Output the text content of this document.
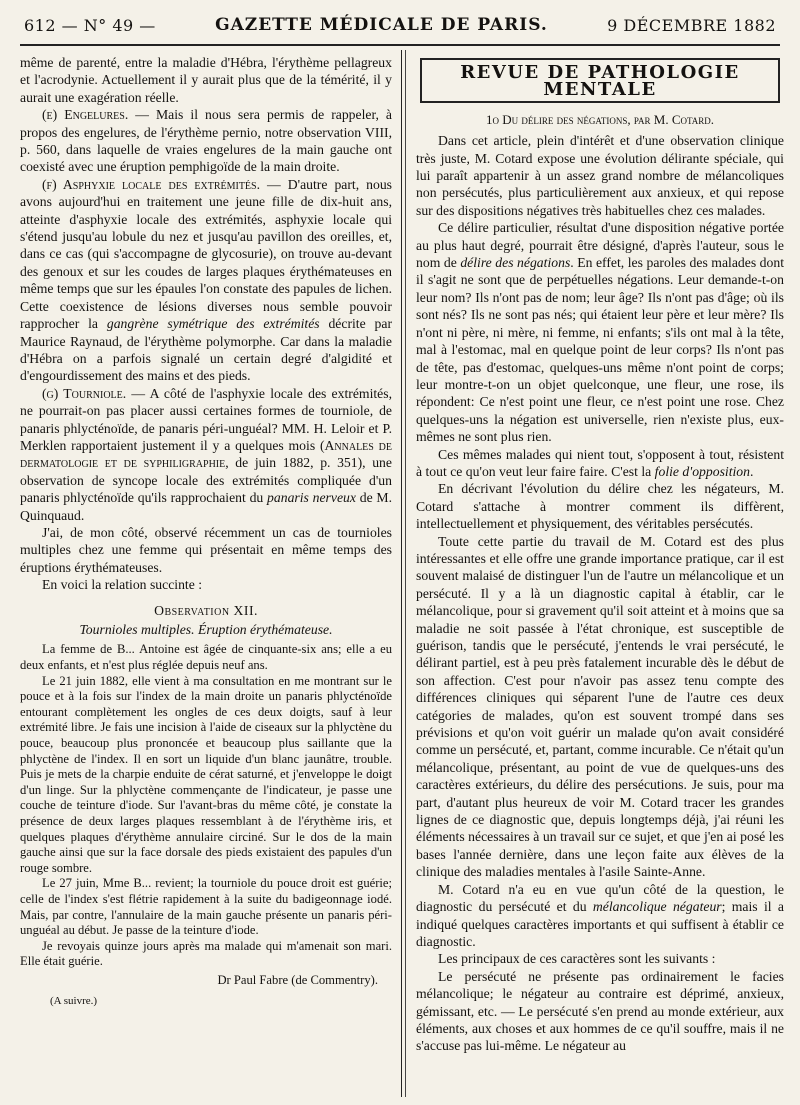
612 — N° 49 —	GAZETTE MÉDICALE DE PARIS.	9 DÉCEMBRE 1882

même de parenté, entre la maladie d'Hébra, l'érythème pellagreux et l'acrodynie. Actuellement il y aurait plus que de la témérité, il y aurait une exagération réelle.

(e) Engelures. — Mais il nous sera permis de rappeler, à propos des engelures, de l'érythème pernio, notre observation VIII, p. 560, dans laquelle de vraies engelures de la main gauche ont coexisté avec une éruption pemphigoïde de la main droite.

(f) Asphyxie locale des extrémités. — D'autre part, nous avons aujourd'hui en traitement une jeune fille de dix-huit ans, atteinte d'asphyxie locale des extrémités, asphyxie locale qui s'étend jusqu'au lobule du nez et jusqu'au pavillon des oreilles, et, dans ce cas (qui s'accompagne de glycosurie), on trouve au-devant des genoux et sur les coudes de larges plaques érythémateuses en même temps que sur les épaules l'on constate des papules de lichen. Cette coexistence de lésions diverses nous semble pouvoir rapprocher la gangrène symétrique des extrémités décrite par Maurice Raynaud, de l'érythème polymorphe. Car dans la maladie d'Hébra on a parfois signalé un certain degré d'algidité et d'engourdissement des mains et des pieds.

(g) Tourniole. — A côté de l'asphyxie locale des extrémités, ne pourrait-on pas placer aussi certaines formes de tourniole, de panaris phlycténoïde, de panaris péri-unguéal? MM. H. Leloir et P. Merklen rapportaient justement il y a quelques mois (Annales de dermatologie et de syphiligraphie, de juin 1882, p. 351), une observation de syncope locale des extrémités compliquée d'un panaris phlycténoïde qu'ils rapprochaient du panaris nerveux de M. Quinquaud.

J'ai, de mon côté, observé récemment un cas de tournioles multiples chez une femme qui présentait en même temps des éruptions érythémateuses.

En voici la relation succinte :

Observation XII.

Tournioles multiples. Éruption érythémateuse.

La femme de B... Antoine est âgée de cinquante-six ans; elle a eu deux enfants, et n'est plus réglée depuis neuf ans.

Le 21 juin 1882, elle vient à ma consultation en me montrant sur le pouce et à la fois sur l'index de la main droite un panaris phlycténoïde entourant complètement les ongles de ces deux doigts, sauf à leur extrémité libre. Je fais une incision à l'aide de ciseaux sur la phlyctène du pouce, beaucoup plus prononcée et beaucoup plus saillante que la phlyctène de l'index. Il en sort un liquide d'un blanc jaunâtre, trouble. Puis je mets de la charpie enduite de cérat saturné, et j'enveloppe le doigt d'un linge. Sur la phlyctène commençante de l'indicateur, je passe une couche de teinture d'iode. Sur l'avant-bras du même côté, je constate la présence de deux larges plaques ressemblant à de l'érythème iris, et quelques plaques d'érythème annulaire circiné. Sur le dos de la main gauche ainsi que sur la face dorsale des pieds existaient des papules d'un rouge sombre.

Le 27 juin, Mme B... revient; la tourniole du pouce droit est guérie; celle de l'index s'est flétrie rapidement à la suite du badigeonnage iodé. Mais, par contre, l'annulaire de la main gauche présente un panaris péri-unguéal au début. Je passe de la teinture d'iode.

Je revoyais quinze jours après ma malade qui m'amenait son mari. Elle était guérie.

Dr Paul Fabre (de Commentry).

(A suivre.)

REVUE DE PATHOLOGIE MENTALE

1o Du délire des négations, par M. Cotard.

Dans cet article, plein d'intérêt et d'une observation clinique très juste, M. Cotard expose une évolution délirante spéciale, qui lui paraît appartenir à un assez grand nombre de mélancoliques non persécutés, plus particulièrement aux anxieux, et qui repose sur des dispositions négatives très habituelles chez ces malades.

Ce délire particulier, résultat d'une disposition négative portée au plus haut degré, pourrait être désigné, d'après l'auteur, sous le nom de délire des négations. En effet, les paroles des malades dont il s'agit ne sont que de perpétuelles négations. Leur demande-t-on leur nom? Ils n'ont pas de nom; leur âge? Ils n'ont pas d'âge; où ils sont nés? Ils ne sont pas nés; qui étaient leur père et leur mère? Ils n'ont ni père, ni mère, ni femme, ni enfants; s'ils ont mal à la tête, mal à l'estomac, mal en quelque point de leur corps? Ils n'ont pas de tête, pas d'estomac, quelques-uns même n'ont point de corps; leur montre-t-on un objet quelconque, une fleur, une rose, ils répondent: Ce n'est point une fleur, ce n'est point une rose. Chez quelques-uns la négation est universelle, rien n'existe plus, eux-mêmes ne sont plus rien.

Ces mêmes malades qui nient tout, s'opposent à tout, résistent à tout ce qu'on veut leur faire faire. C'est la folie d'opposition.

En décrivant l'évolution du délire chez les négateurs, M. Cotard s'attache à montrer comment ils diffèrent, intellectuellement et physiquement, des véritables persécutés.

Toute cette partie du travail de M. Cotard est des plus intéressantes et elle offre une grande importance pratique, car il est souvent malaisé de distinguer l'un de l'autre un mélancolique et un persécuté. Il y a là un diagnostic capital à établir, car le mélancolique, pour si gravement qu'il soit atteint et à moins que sa maladie ne soit passée à l'état chronique, est susceptible de guérison, tandis que le persécuté, j'entends le vrai persécuté, le délirant partiel, est à peu près fatalement incurable dès le début de son affection. C'est pour n'avoir pas assez tenu compte des différences cliniques qui séparent l'une de l'autre ces deux catégories de malades, qu'on est souvent trompé dans ses prévisions et qu'on voit guérir un malade qu'on avait considéré comme un persécuté, et, partant, comme incurable. Ce n'était qu'un mélancolique, présentant, au point de vue de quelques-uns des caractères extérieurs, du délire des persécutions. Je suis, pour ma part, d'autant plus heureux de voir M. Cotard tracer les grandes lignes de ce diagnostic que, depuis longtemps déjà, j'ai réuni les éléments nécessaires à un travail sur ce sujet, et que j'en ai posé les bases l'année dernière, dans une leçon faite aux élèves de la clinique des maladies mentales à l'asile Sainte-Anne.

M. Cotard n'a eu en vue qu'un côté de la question, le diagnostic du persécuté et du mélancolique négateur; mais il a indiqué quelques caractères importants et qui suffisent à établir ce diagnostic.

Les principaux de ces caractères sont les suivants :

Le persécuté ne présente pas ordinairement le facies mélancolique; le négateur au contraire est déprimé, anxieux, gémissant, etc. — Le persécuté s'en prend au monde extérieur, aux éléments, aux choses et aux hommes de ce qu'il souffre, mais il ne s'accuse pas lui-même. Le négateur au
